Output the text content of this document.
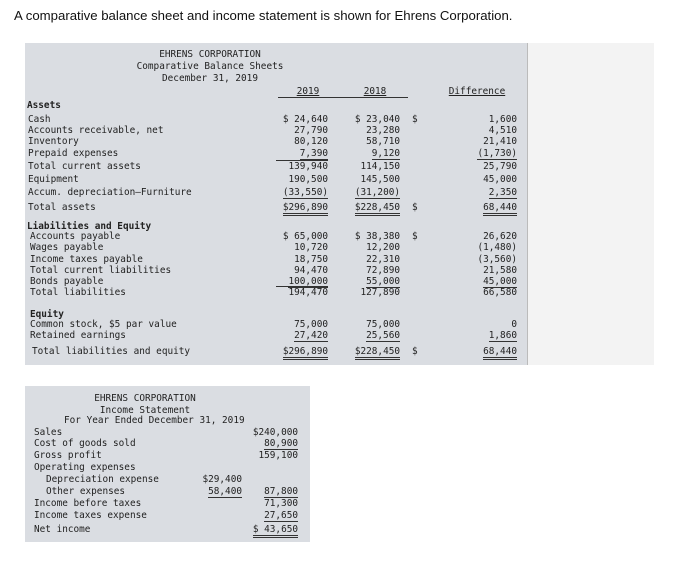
A comparative balance sheet and income statement is shown for Ehrens Corporation.
EHRENS CORPORATION
Comparative Balance Sheets
December 31, 2019
2019	2018	Difference
Assets
Liabilities and Equity
Equity
Cash	$ 24,640	$ 23,040 $	1,600
Accounts receivable, net	27,790	23,280	4,510
Inventory	80,120	58,710	21,410
Prepaid expenses	7,390	9,120	(1,730)
Total current assets	139,940	114,150	25,790
Equipment	190,500	145,500	45,000
Accum. depreciation—Furniture	(33,550)	(31,200)	2,350
Total assets	$296,890	$228,450 $	68,440
Accounts payable	$ 65,000	$ 38,380 $	26,620
Wages payable	10,720	12,200	(1,480)
Income taxes payable	18,750	22,310	(3,560)
Total current liabilities	94,470	72,890	21,580
Bonds payable	100,000	55,000	45,000
Total liabilities	194,470	127,890	66,580
Common stock, $5 par value	75,000	75,000	0
Retained earnings	27,420	25,560	1,860
Total liabilities and equity	$296,890	$228,450 $	68,440
EHRENS CORPORATION
Income Statement
For Year Ended December 31, 2019
Sales	$240,000
Cost of goods sold	80,900
Gross profit	159,100
Operating expenses
Depreciation expense	$29,400
Other expenses	58,400	87,800
Income before taxes	71,300
Income taxes expense	27,650
Net income	$ 43,650
